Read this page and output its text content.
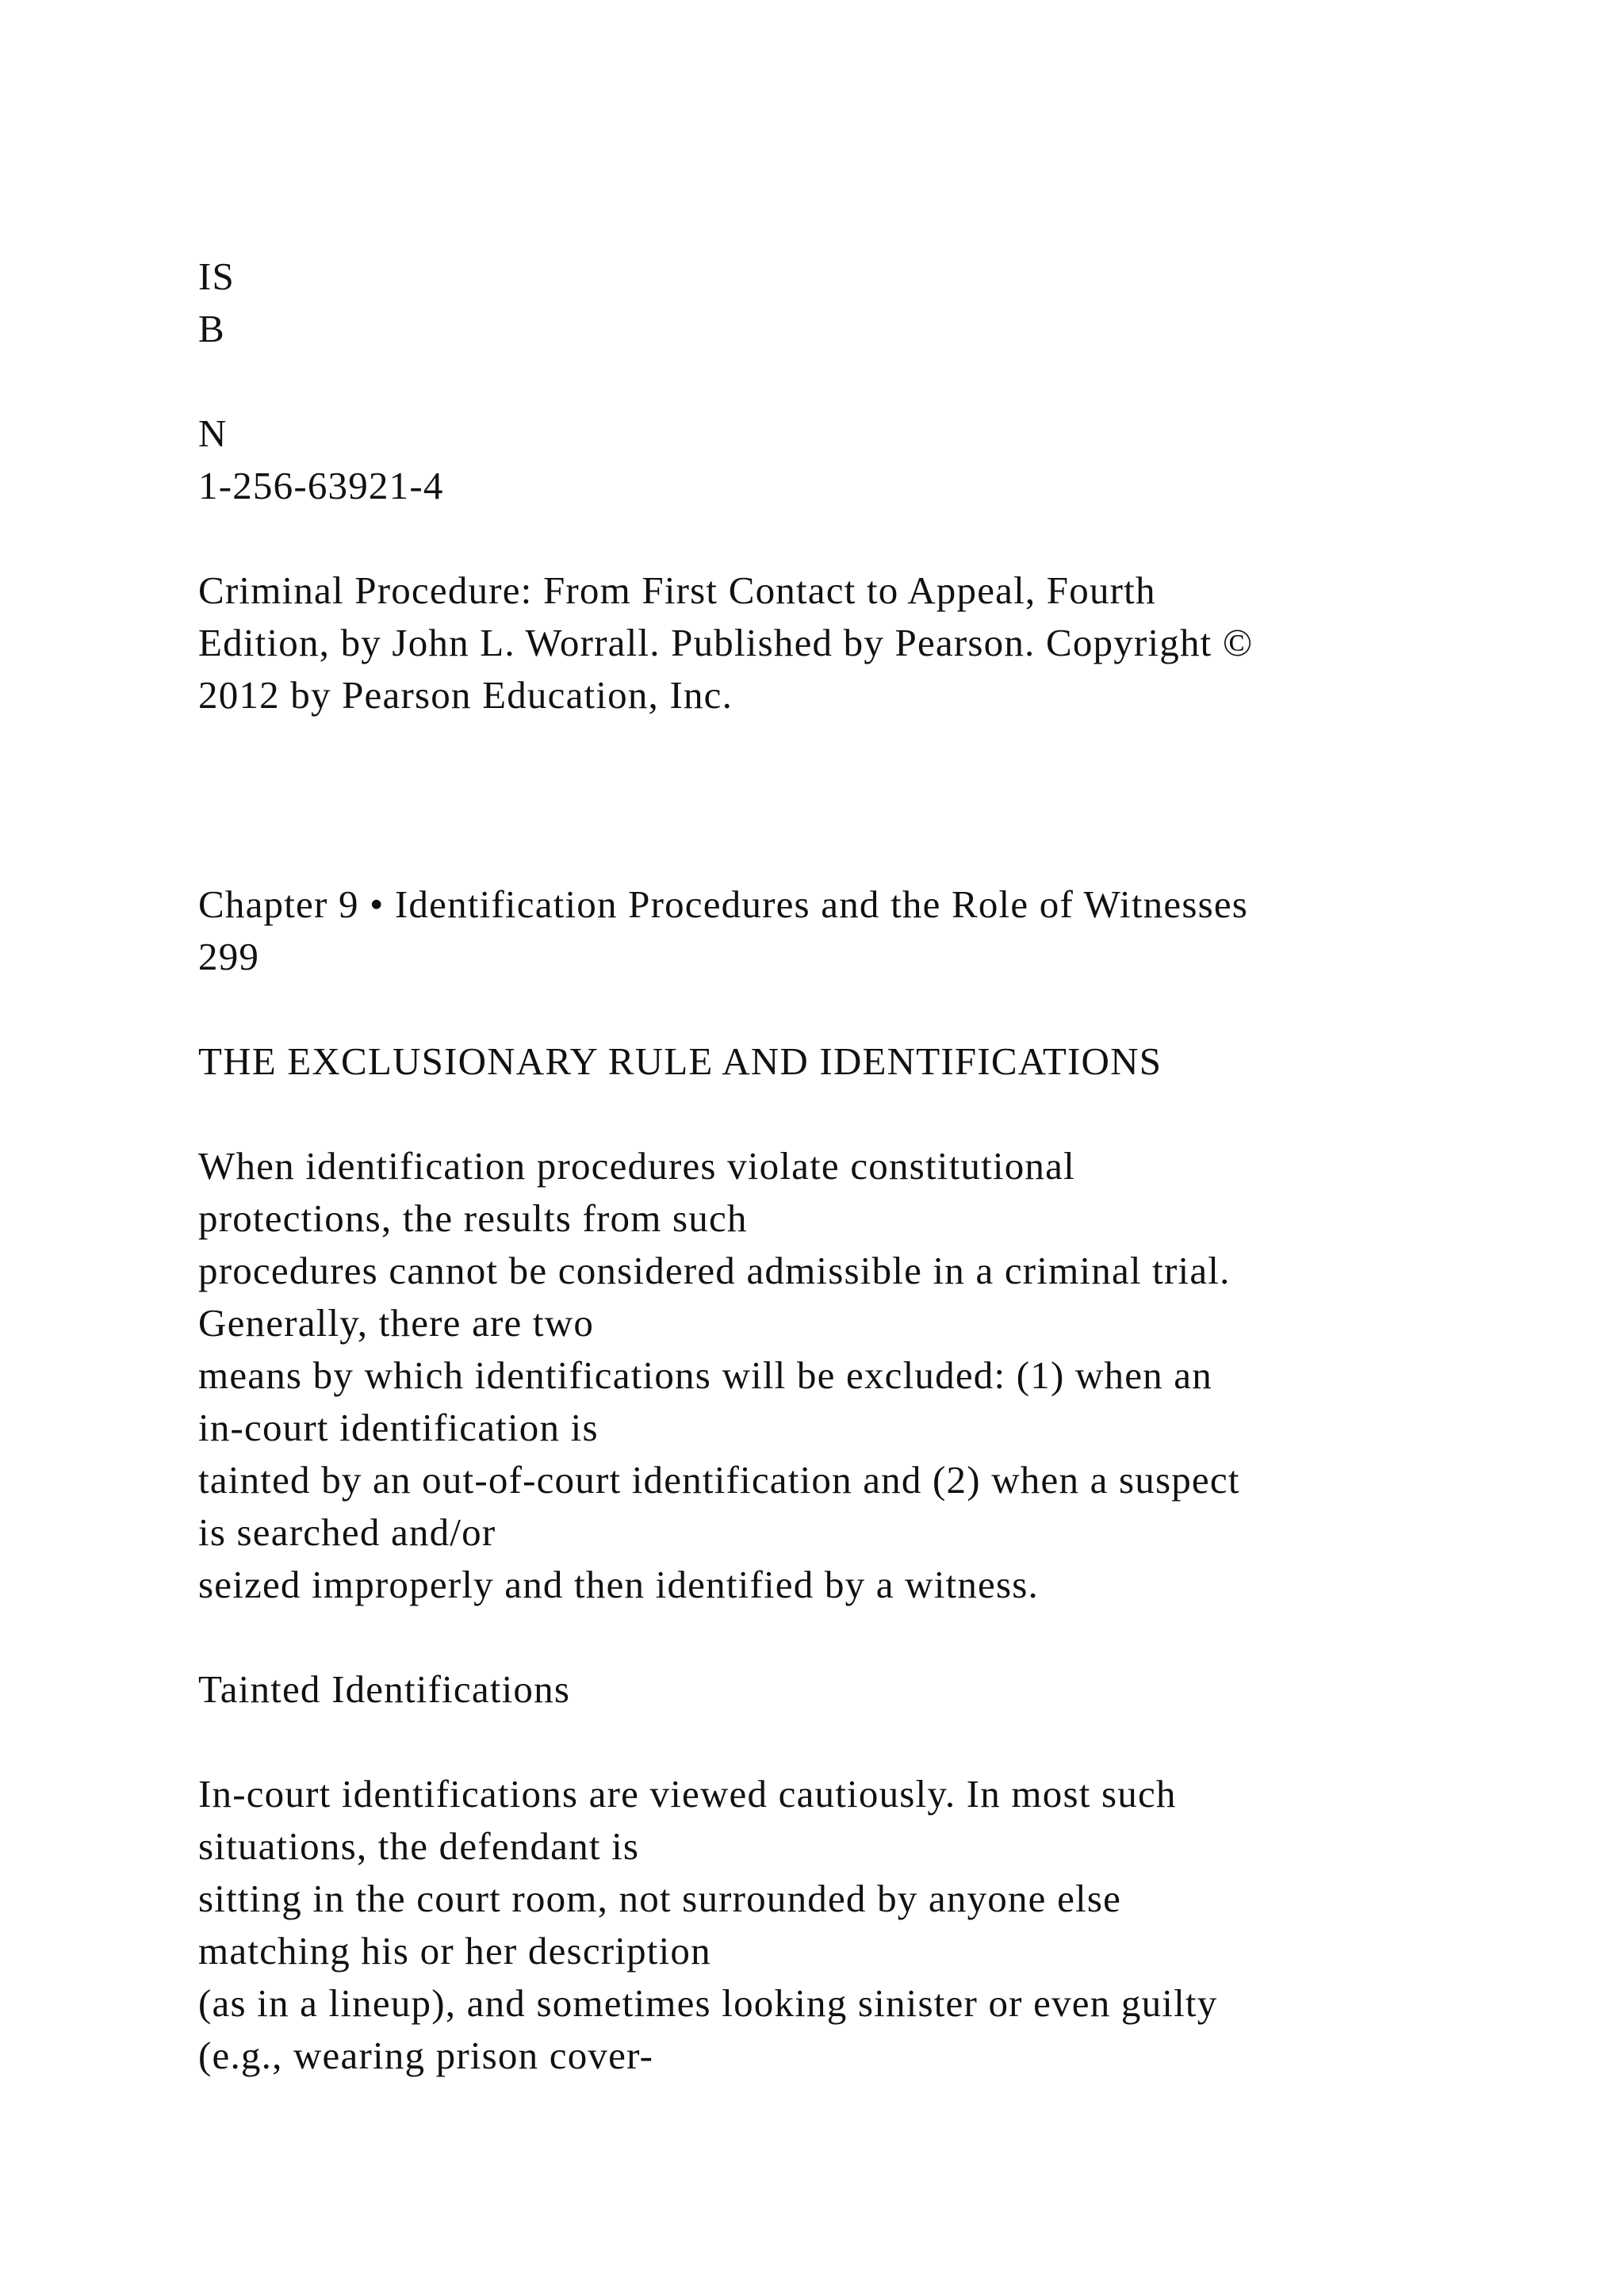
IS
B
N
1-256-63921-4
Criminal Procedure: From First Contact to Appeal, Fourth
Edition, by John L. Worrall. Published by Pearson. Copyright ©
2012 by Pearson Education, Inc.
Chapter 9 • Identification Procedures and the Role of Witnesses
299
THE EXCLUSIONARY RULE AND IDENTIFICATIONS
When identification procedures violate constitutional
protections, the results from such
procedures cannot be considered admissible in a criminal trial.
Generally, there are two
means by which identifications will be excluded: (1) when an
in-court identification is
tainted by an out-of-court identification and (2) when a suspect
is searched and/or
seized improperly and then identified by a witness.
Tainted Identifications
In-court identifications are viewed cautiously. In most such
situations, the defendant is
sitting in the court room, not surrounded by anyone else
matching his or her description
(as in a lineup), and sometimes looking sinister or even guilty
(e.g., wearing prison cover-
